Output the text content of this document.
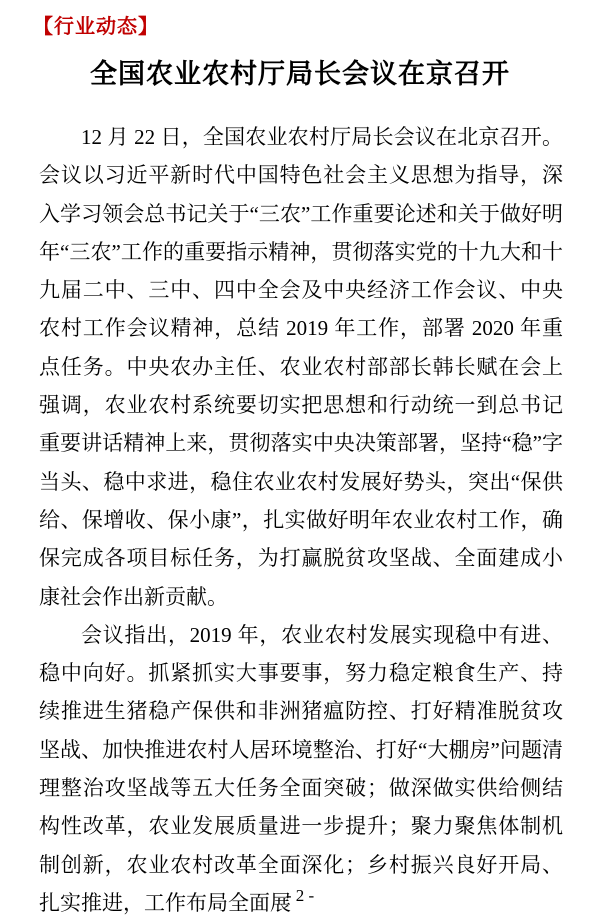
【行业动态】
全国农业农村厅局长会议在京召开

12 月 22 日，全国农业农村厅局长会议在北京召开。会议以习近平新时代中国特色社会主义思想为指导，深入学习领会总书记关于“三农”工作重要论述和关于做好明年“三农”工作的重要指示精神，贯彻落实党的十九大和十九届二中、三中、四中全会及中央经济工作会议、中央农村工作会议精神，总结 2019 年工作，部署 2020 年重点任务。中央农办主任、农业农村部部长韩长赋在会上强调，农业农村系统要切实把思想和行动统一到总书记重要讲话精神上来，贯彻落实中央决策部署，坚持“稳”字当头、稳中求进，稳住农业农村发展好势头，突出“保供给、保增收、保小康”，扎实做好明年农业农村工作，确保完成各项目标任务，为打赢脱贫攻坚战、全面建成小康社会作出新贡献。

会议指出，2019 年，农业农村发展实现稳中有进、稳中向好。抓紧抓实大事要事，努力稳定粮食生产、持续推进生猪稳产保供和非洲猪瘟防控、打好精准脱贫攻坚战、加快推进农村人居环境整治、打好“大棚房”问题清理整治攻坚战等五大任务全面突破；做深做实供给侧结构性改革，农业发展质量进一步提升；聚力聚焦体制机制创新，农业农村改革全面深化；乡村振兴良好开局、扎实推进，工作布局全面展

- 2 -
